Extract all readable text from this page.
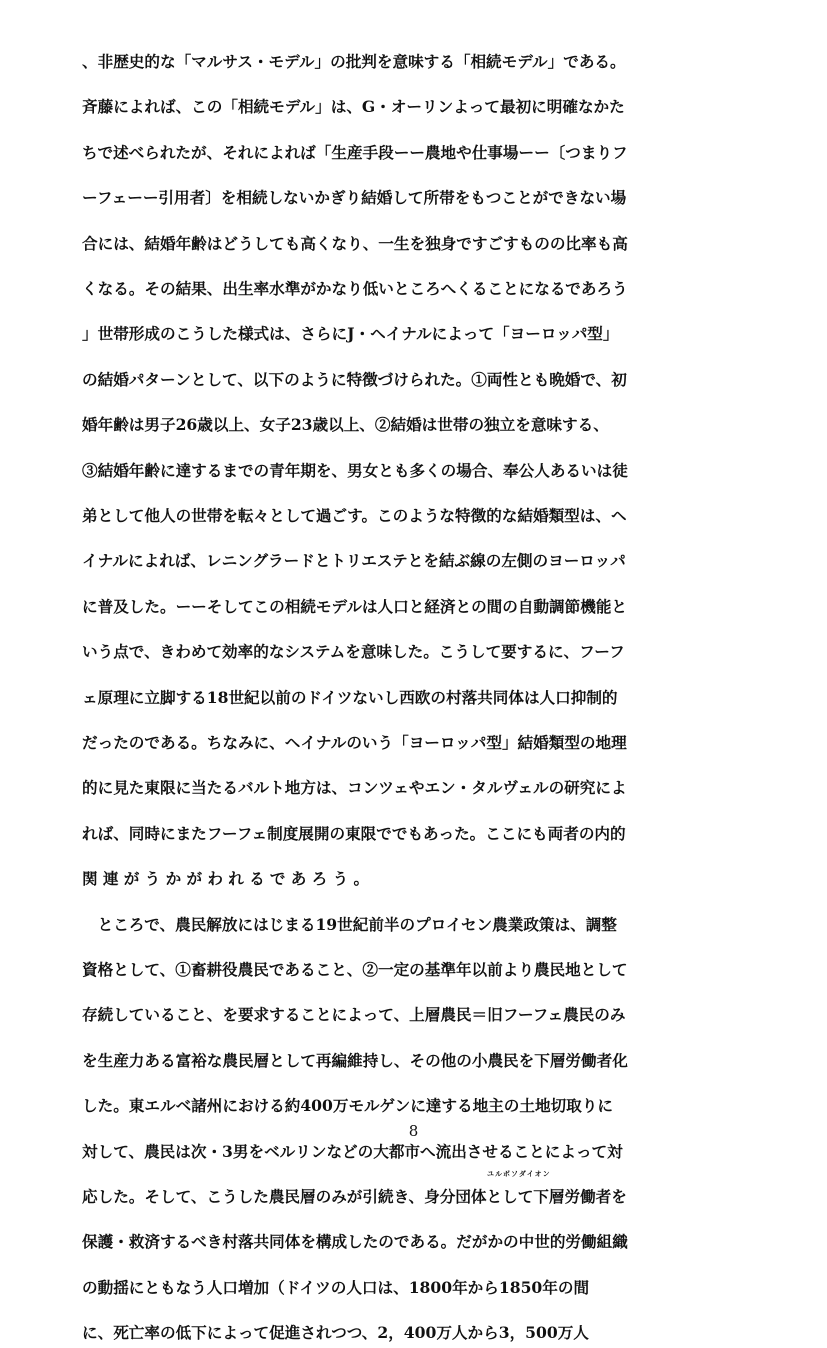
、非歴史的な「マルサス・モデル」の批判を意味する「相続モデル」である。
斉藤によれば、この「相続モデル」は、G・オーリンよって最初に明確なかた
ちで述べられたが、それによれば「生産手段ーー農地や仕事場ーー〔つまりフ
ーフェーー引用者〕を相続しないかぎり結婚して所帯をもつことができない場
合には、結婚年齢はどうしても高くなり、一生を独身ですごすものの比率も高
くなる。その結果、出生率水準がかなり低いところへくることになるであろう
」世帯形成のこうした様式は、さらにJ・ヘイナルによって「ヨーロッパ型」
の結婚パターンとして、以下のように特徴づけられた。①両性とも晩婚で、初
婚年齢は男子26歳以上、女子23歳以上、②結婚は世帯の独立を意味する、
③結婚年齢に達するまでの青年期を、男女とも多くの場合、奉公人あるいは徒
弟として他人の世帯を転々として過ごす。このような特徴的な結婚類型は、ヘ
イナルによれば、レニングラードとトリエステとを結ぶ線の左側のヨーロッパ
に普及した。ーーそしてこの相続モデルは人口と経済との間の自動調節機能と
いう点で、きわめて効率的なシステムを意味した。こうして要するに、フーフ
ェ原理に立脚する18世紀以前のドイツないし西欧の村落共同体は人口抑制的
だったのである。ちなみに、ヘイナルのいう「ヨーロッパ型」結婚類型の地理
的に見た東限に当たるバルト地方は、コンツェやエン・タルヴェルの研究によ
れば、同時にまたフーフェ制度展開の東限ででもあった。ここにも両者の内的
関連がうかがわれるであろう。
　ところで、農民解放にはじまる19世紀前半のプロイセン農業政策は、調整
資格として、①畜耕役農民であること、②一定の基準年以前より農民地として
存続していること、を要求することによって、上層農民＝旧フーフェ農民のみ
を生産力ある富裕な農民層として再編維持し、その他の小農民を下層労働者化
した。東エルベ諸州における約400万モルゲンに達する地主の土地切取りに
対して、農民は次・3男をベルリンなどの大都市へ流出させることによって対
応した。そして、こうした農民層のみが引続き、身分団体として下層労働者を
保護・救済するべき村落共同体を構成したのである。だがかの中世的労働組織
の動揺にともなう人口増加（ドイツの人口は、1800年から1850年の間
に、死亡率の低下によって促進されつつ、2，400万人から3，500万人
ユルボソダイオン
8
